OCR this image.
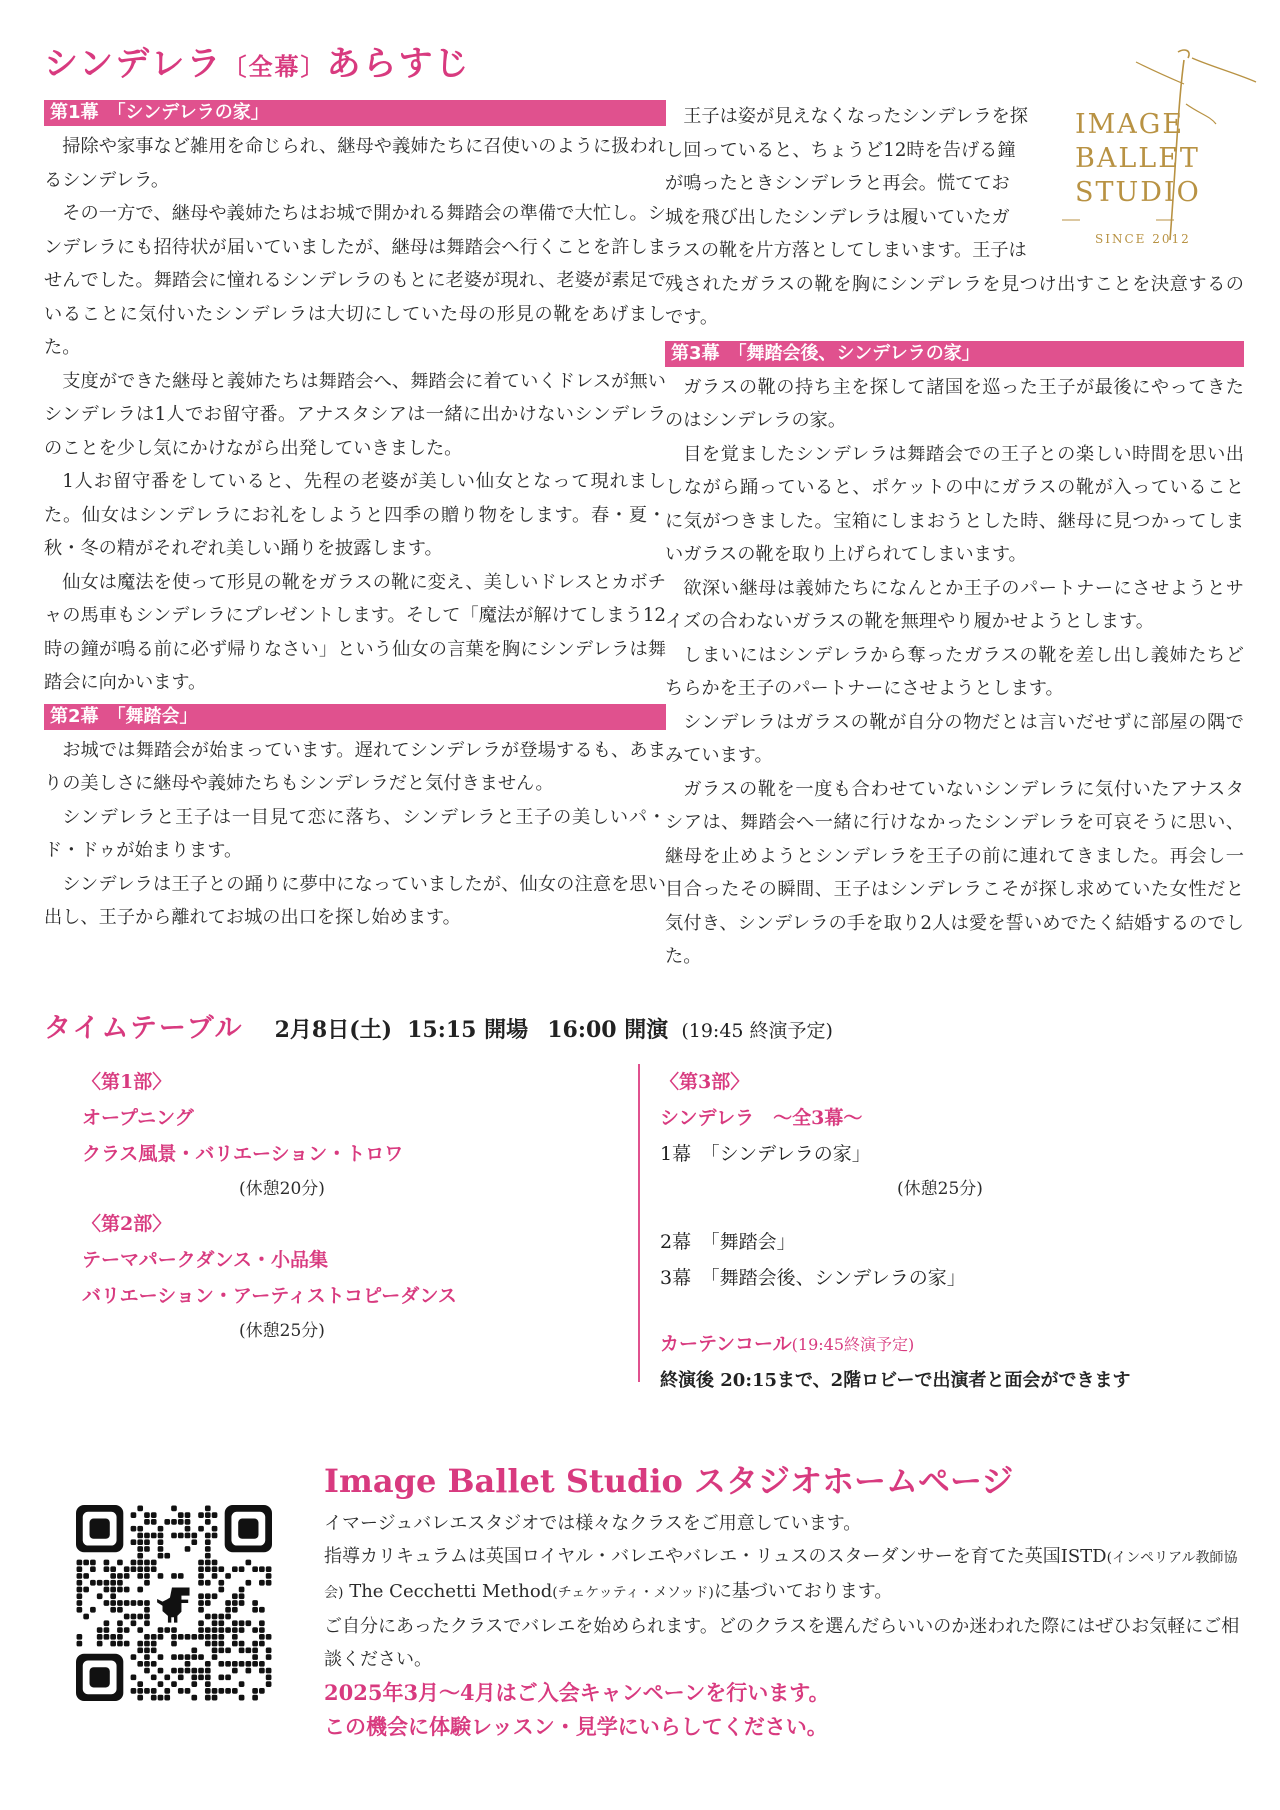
シンデレラ〔全幕〕あらすじ
IMAGE
BALLET
STUDIO
SINCE 2012
第1幕　「シンデレラの家」

掃除や家事など雑用を命じられ、継母や義姉たちに召使いのように扱われるシンデレラ。

その一方で、継母や義姉たちはお城で開かれる舞踏会の準備で大忙し。シンデレラにも招待状が届いていましたが、継母は舞踏会へ行くことを許しませんでした。舞踏会に憧れるシンデレラのもとに老婆が現れ、老婆が素足でいることに気付いたシンデレラは大切にしていた母の形見の靴をあげました。

支度ができた継母と義姉たちは舞踏会へ、舞踏会に着ていくドレスが無いシンデレラは1人でお留守番。アナスタシアは一緒に出かけないシンデレラのことを少し気にかけながら出発していきました。

1人お留守番をしていると、先程の老婆が美しい仙女となって現れました。仙女はシンデレラにお礼をしようと四季の贈り物をします。春・夏・秋・冬の精がそれぞれ美しい踊りを披露します。

仙女は魔法を使って形見の靴をガラスの靴に変え、美しいドレスとカボチャの馬車もシンデレラにプレゼントします。そして「魔法が解けてしまう12時の鐘が鳴る前に必ず帰りなさい」という仙女の言葉を胸にシンデレラは舞踏会に向かいます。

第2幕　「舞踏会」

お城では舞踏会が始まっています。遅れてシンデレラが登場するも、あまりの美しさに継母や義姉たちもシンデレラだと気付きません。

シンデレラと王子は一目見て恋に落ち、シンデレラと王子の美しいパ・ド・ドゥが始まります。

シンデレラは王子との踊りに夢中になっていましたが、仙女の注意を思い出し、王子から離れてお城の出口を探し始めます。

王子は姿が見えなくなったシンデレラを探
し回っていると、ちょうど12時を告げる鐘
が鳴ったときシンデレラと再会。慌ててお
城を飛び出したシンデレラは履いていたガ
ラスの靴を片方落としてしまいます。王子は
残されたガラスの靴を胸にシンデレラを見つけ出すことを決意するのです。
第3幕　「舞踏会後、シンデレラの家」

ガラスの靴の持ち主を探して諸国を巡った王子が最後にやってきたのはシンデレラの家。

目を覚ましたシンデレラは舞踏会での王子との楽しい時間を思い出しながら踊っていると、ポケットの中にガラスの靴が入っていることに気がつきました。宝箱にしまおうとした時、継母に見つかってしまいガラスの靴を取り上げられてしまいます。

欲深い継母は義姉たちになんとか王子のパートナーにさせようとサイズの合わないガラスの靴を無理やり履かせようとします。

しまいにはシンデレラから奪ったガラスの靴を差し出し義姉たちどちらかを王子のパートナーにさせようとします。

シンデレラはガラスの靴が自分の物だとは言いだせずに部屋の隅でみています。

ガラスの靴を一度も合わせていないシンデレラに気付いたアナスタシアは、舞踏会へ一緒に行けなかったシンデレラを可哀そうに思い、継母を止めようとシンデレラを王子の前に連れてきました。再会し一目合ったその瞬間、王子はシンデレラこそが探し求めていた女性だと気付き、シンデレラの手を取り2人は愛を誓いめでたく結婚するのでした。

タイムテーブル 2月8日(土) 15:15 開場 16:00 開演 (19:45 終演予定)
〈第1部〉
オープニング
クラス風景・バリエーション・トロワ
(休憩20分)
〈第2部〉
テーマパークダンス・小品集
バリエーション・アーティストコピーダンス
(休憩25分)
〈第3部〉
シンデレラ　～全3幕～
1幕　「シンデレラの家」
(休憩25分)
2幕　「舞踏会」
3幕　「舞踏会後、シンデレラの家」
カーテンコール(19:45終演予定)
終演後 20:15まで、2階ロビーで出演者と面会ができます
Image Ballet Studio スタジオホームページ
イマージュバレエスタジオでは様々なクラスをご用意しています。
指導カリキュラムは英国ロイヤル・バレエやバレエ・リュスのスターダンサーを育てた英国ISTD(インペリアル教師協会) The Cecchetti Method(チェケッティ・メソッド)に基づいております。
ご自分にあったクラスでバレエを始められます。どのクラスを選んだらいいのか迷われた際にはぜひお気軽にご相談ください。
2025年3月～4月はご入会キャンペーンを行います。
この機会に体験レッスン・見学にいらしてください。
